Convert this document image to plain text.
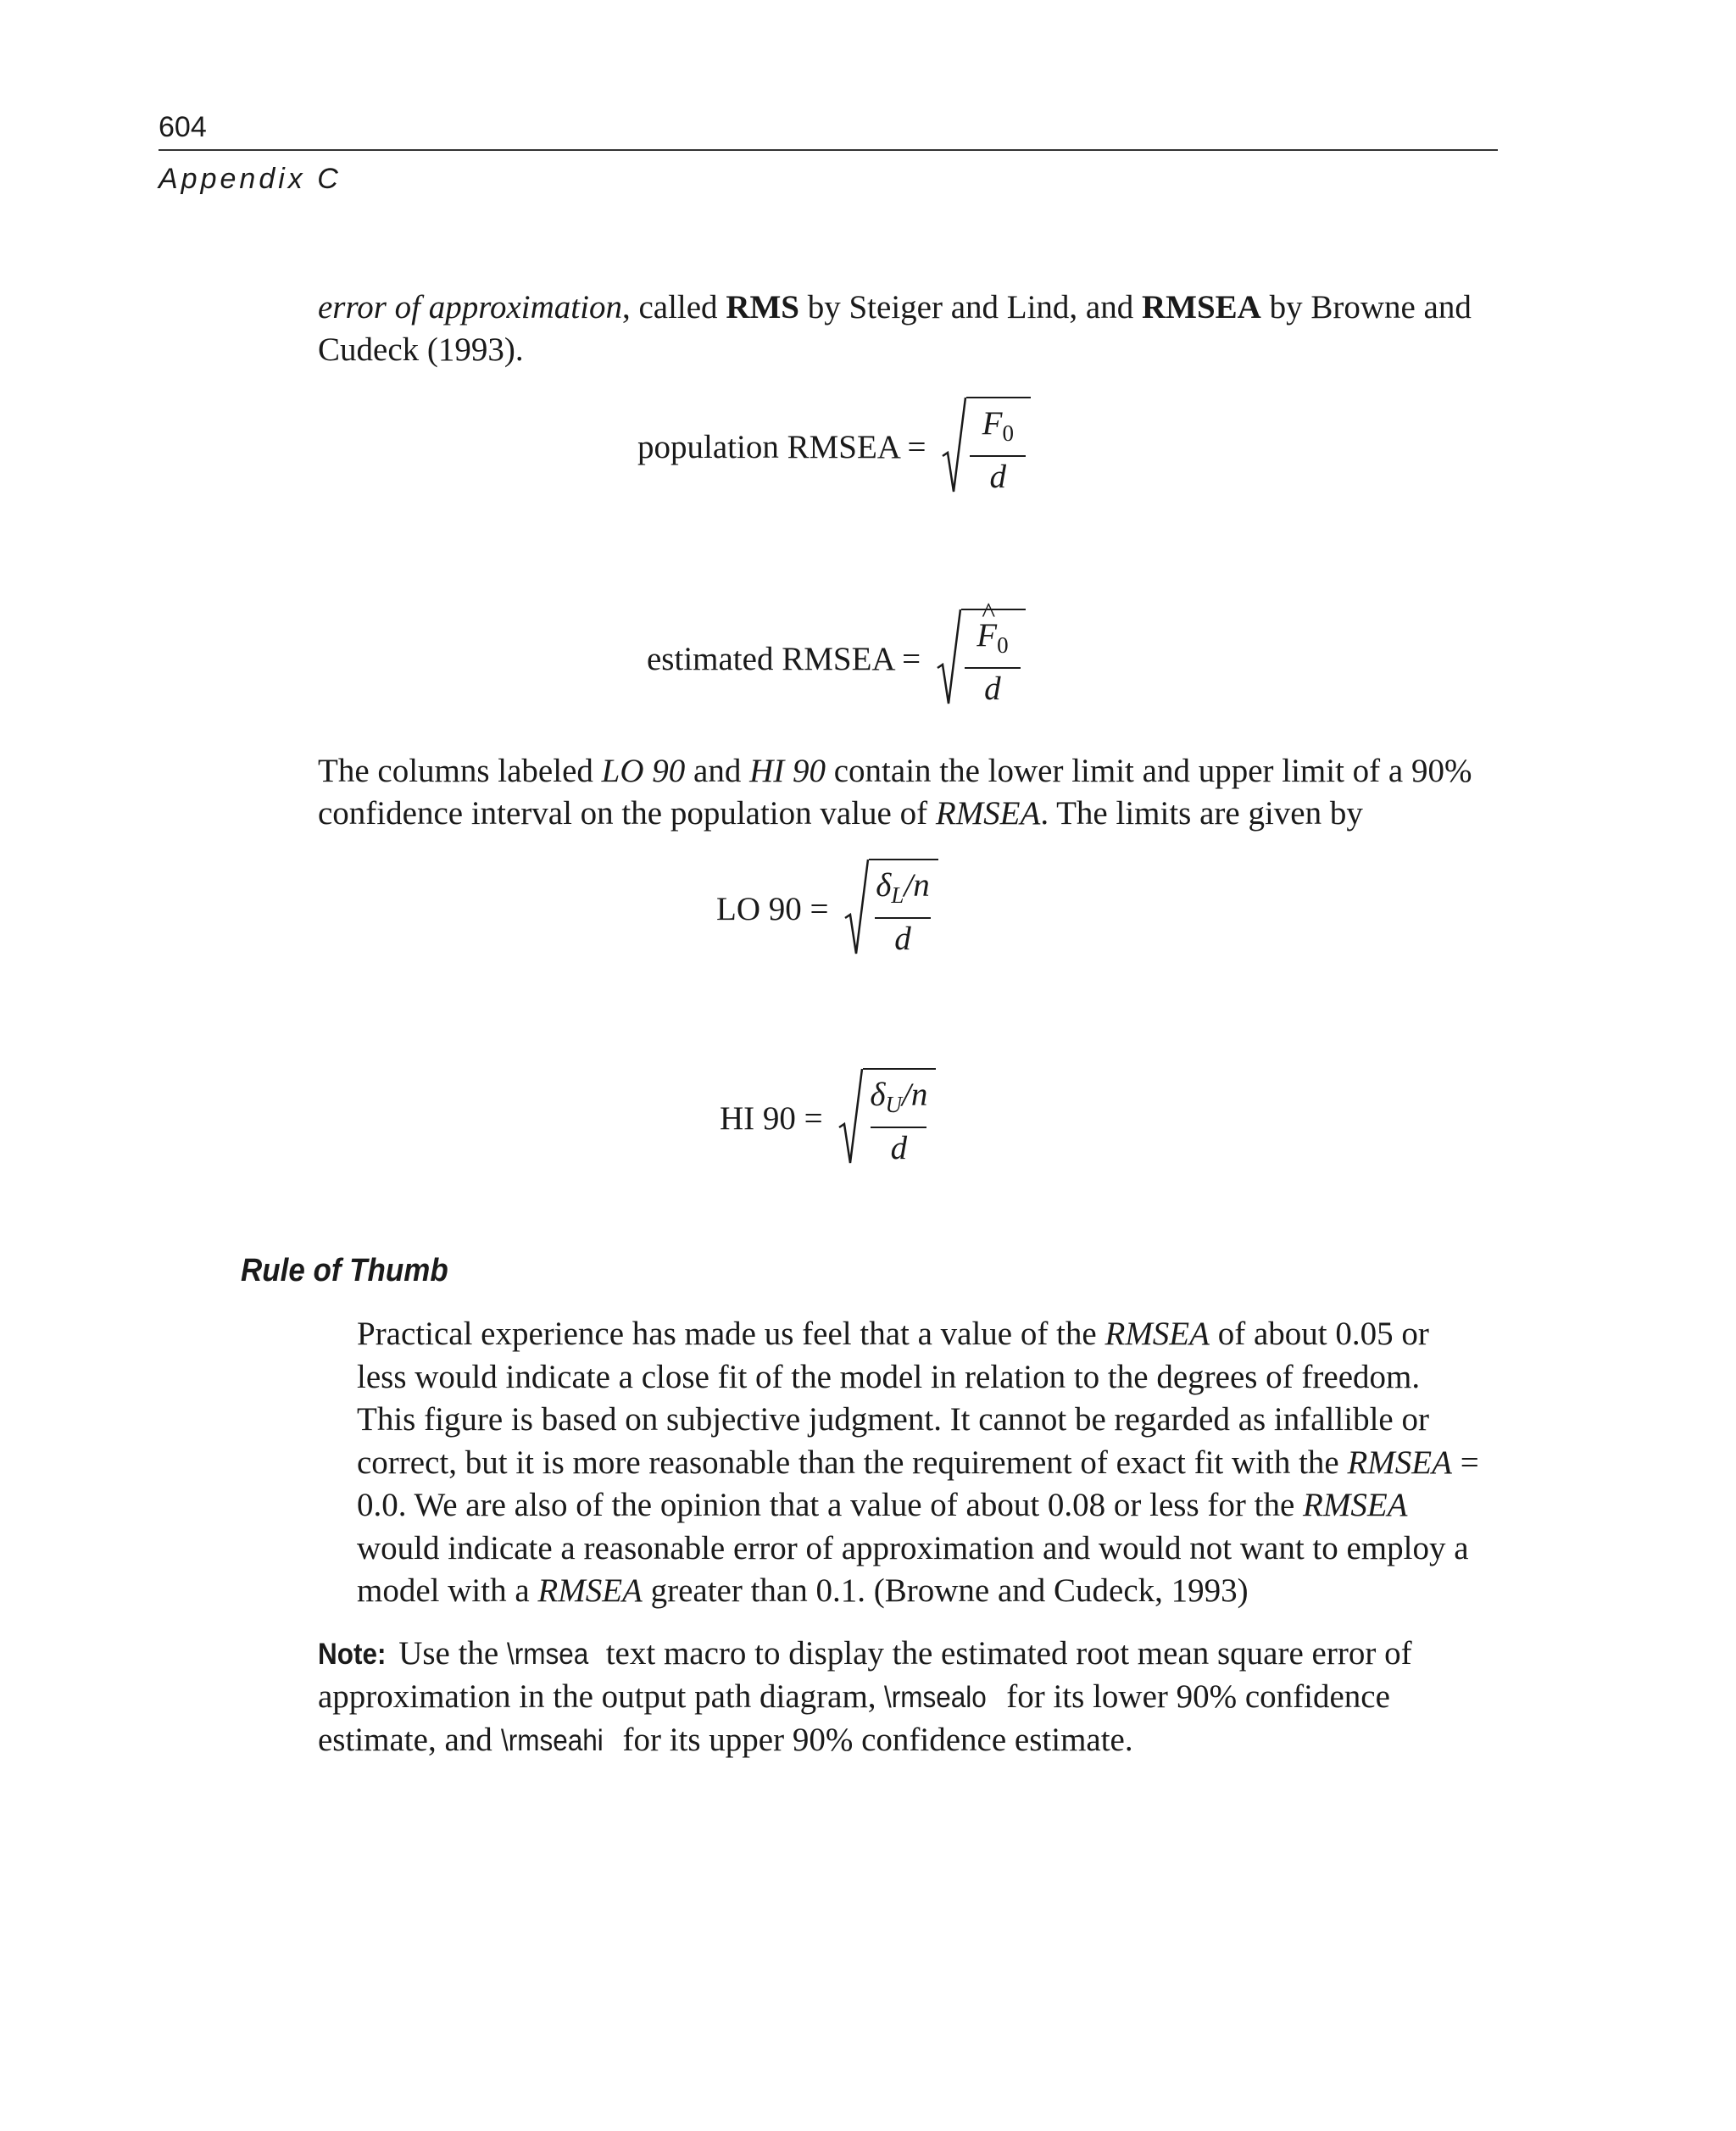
604
Appendix C

error of approximation, called RMS by Steiger and Lind, and RMSEA by Browne and Cudeck (1993).

population RMSEA = $\frac{F_0}{d}$
estimated RMSEA =
^ $\frac{F_0}{d}$

The columns labeled LO 90 and HI 90 contain the lower limit and upper limit of a 90% confidence interval on the population value of RMSEA. The limits are given by

LO $90 = \frac{\delta_L/n}{d}$
HI $90 = \frac{\delta_U/n}{d}$
Rule of Thumb

Practical experience has made us feel that a value of the RMSEA of about 0.05 or less would indicate a close fit of the model in relation to the degrees of freedom. This figure is based on subjective judgment. It cannot be regarded as infallible or correct, but it is more reasonable than the requirement of exact fit with the RMSEA = 0.0. We are also of the opinion that a value of about 0.08 or less for the RMSEA would indicate a reasonable error of approximation and would not want to employ a model with a RMSEA greater than 0.1. (Browne and Cudeck, 1993)

Note: Use the \rmsea text macro to display the estimated root mean square error of approximation in the output path diagram, \rmsealo for its lower 90% confidence estimate, and \rmseahi for its upper 90% confidence estimate.
